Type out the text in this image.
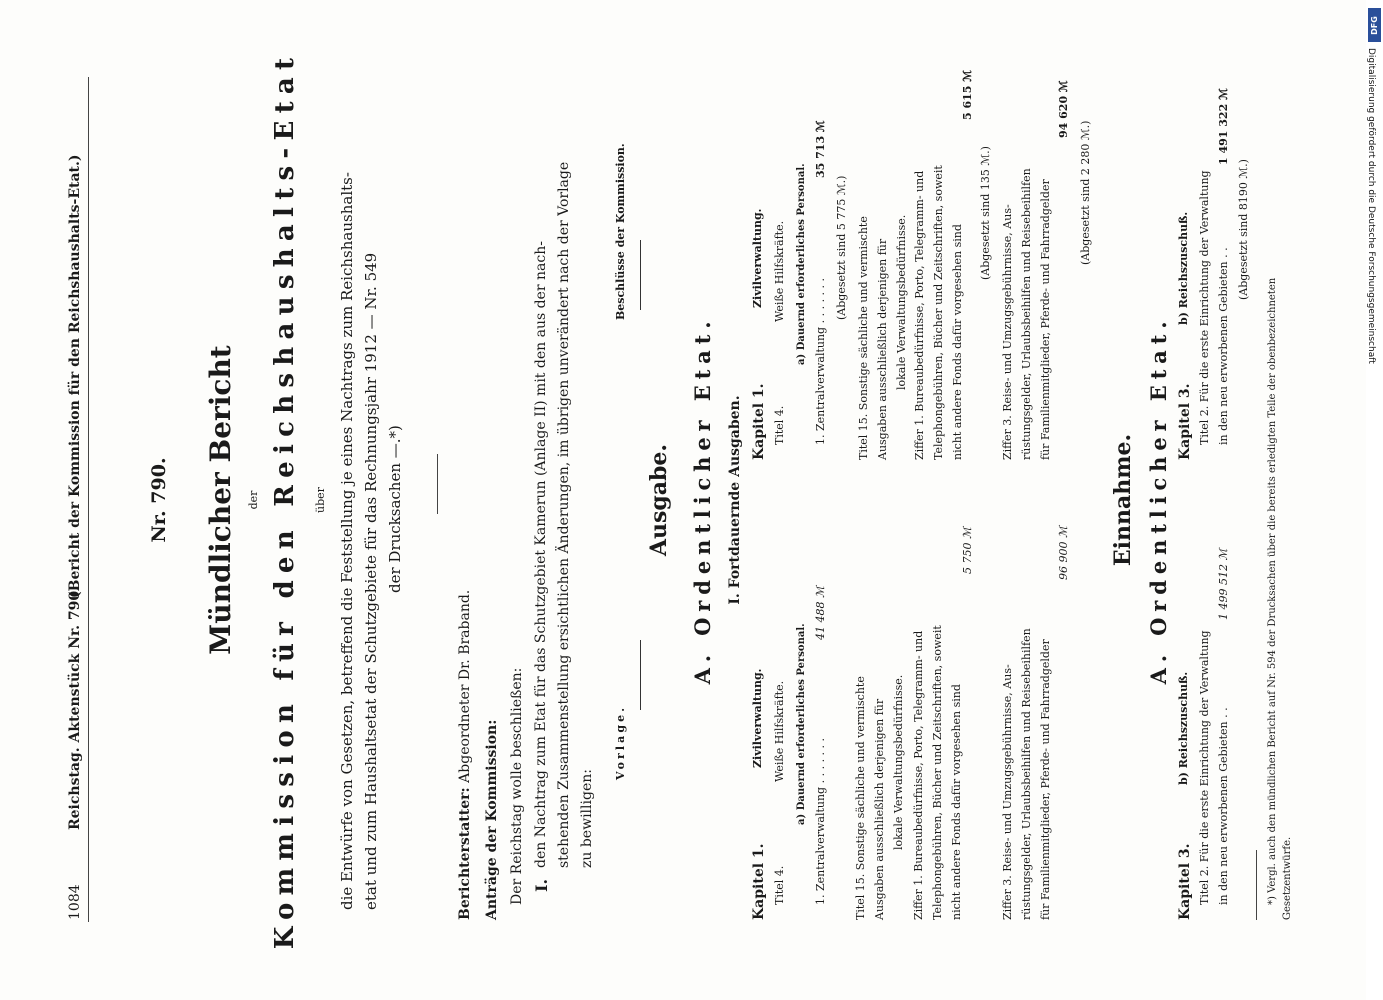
1084
Reichstag. Aktenstück Nr. 790.
(Bericht der Kommission für den Reichshaushalts-Etat.)	Nr. 790. Mündlicher Bericht der Kommission für den Reichshaushalts-Etat über die Entwürfe von Gesetzen, betreffend die Feststellung je eines Nachtrags zum Reichshaushalts- etat und zum Haushaltsetat der Schutzgebiete für das Rechnungsjahr 1912 — Nr. 549 der Drucksachen —.*)
Berichterstatter: Abgeordneter Dr. Braband.
Anträge der Kommission: Der Reichstag wolle beschließen: I.
den Nachtrag zum Etat für das Schutzgebiet Kamerun (Anlage II) mit den aus der nach- stehenden Zusammenstellung ersichtlichen Änderungen, im übrigen unverändert nach der Vorlage zu bewilligen:
Vorlage.
Beschlüsse der Kommission.
Ausgabe. A. Ordentlicher Etat. I. Fortdauernde Ausgaben.
Kapitel 1.
Zivilverwaltung.
Titel 4.
Weiße Hilfskräfte. a) Dauernd erforderliches Personal. 1. Zentralverwaltung . . . . . . .
41 488 ℳ
Titel 15. Sonstige sächliche und vermischte Ausgaben ausschließlich derjenigen für lokale Verwaltungsbedürfnisse. Ziffer 1. Bureaubedürfnisse, Porto, Telegramm- und Telephongebühren, Bücher und Zeitschriften, soweit nicht andere Fonds dafür vorgesehen sind
5 750 ℳ
Ziffer 3. Reise- und Umzugsgebührnisse, Aus- rüstungsgelder, Urlaubsbeihilfen und Reisebeihilfen für Familienmitglieder, Pferde- und Fahrradgelder
96 900 ℳ
Kapitel 1.
Zivilverwaltung.
Titel 4.
Weiße Hilfskräfte. a) Dauernd erforderliches Personal. 1. Zentralverwaltung . . . . . . .
35 713 ℳ
(Abgesetzt sind 5 775 ℳ.) Titel 15. Sonstige sächliche und vermischte Ausgaben ausschließlich derjenigen für lokale Verwaltungsbedürfnisse. Ziffer 1. Bureaubedürfnisse, Porto, Telegramm- und Telephongebühren, Bücher und Zeitschriften, soweit nicht andere Fonds dafür vorgesehen sind
5 615 ℳ
(Abgesetzt sind 135 ℳ.) Ziffer 3. Reise- und Umzugsgebührnisse, Aus- rüstungsgelder, Urlaubsbeihilfen und Reisebeihilfen für Familienmitglieder, Pferde- und Fahrradgelder
94 620 ℳ
(Abgesetzt sind 2 280 ℳ.)
Einnahme. A. Ordentlicher Etat.
Kapitel 3.
b) Reichszuschuß. Titel 2. Für die erste Einrichtung der Verwaltung in den neu erworbenen Gebieten . .
1 499 512 ℳ
Kapitel 3.
b) Reichszuschuß. Titel 2. Für die erste Einrichtung der Verwaltung in den neu erworbenen Gebieten . .
1 491 322 ℳ
(Abgesetzt sind 8190 ℳ.)
*) Vergl. auch den mündlichen Bericht auf Nr. 594 der Drucksachen über die bereits erledigten Teile der obenbezeichneten Gesetzentwürfe.
DFG
Digitalisierung gefördert durch die Deutsche Forschungsgemeinschaft
